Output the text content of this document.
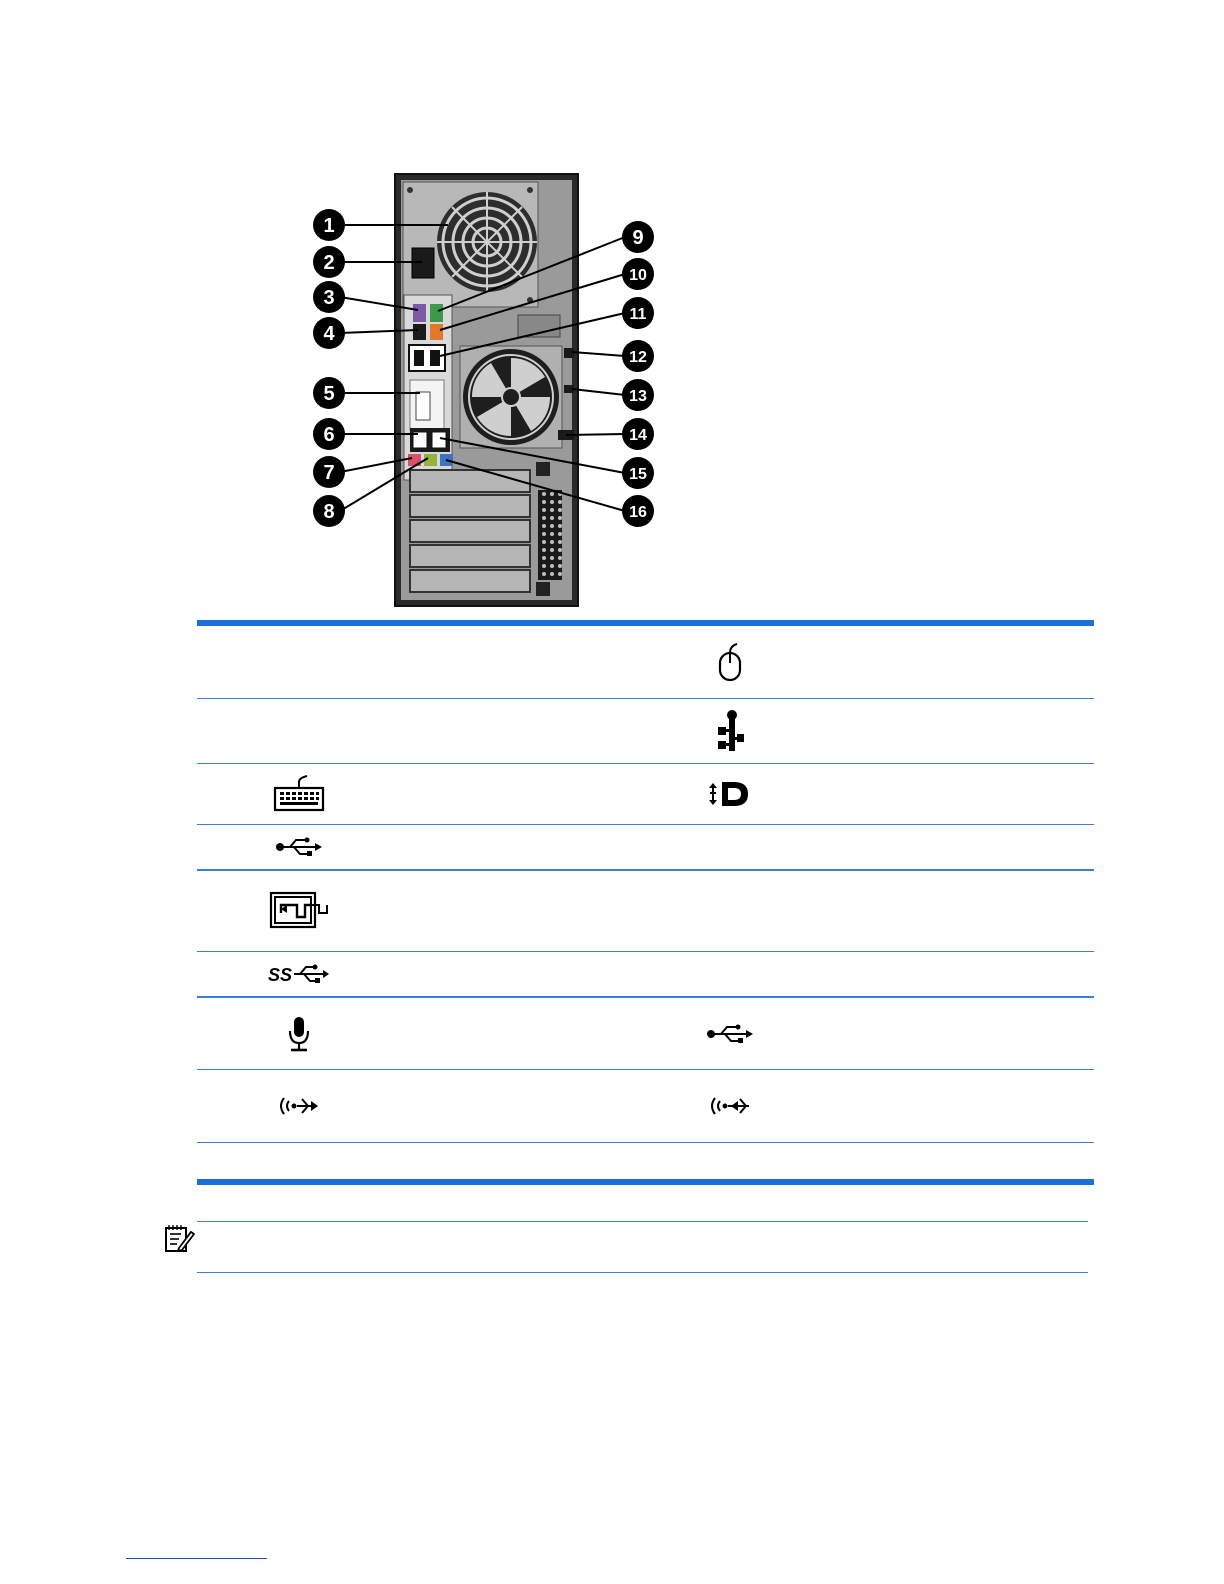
1
2
3
4
5
6
7
8
9
10
11
12
13
14
15
16
SS
